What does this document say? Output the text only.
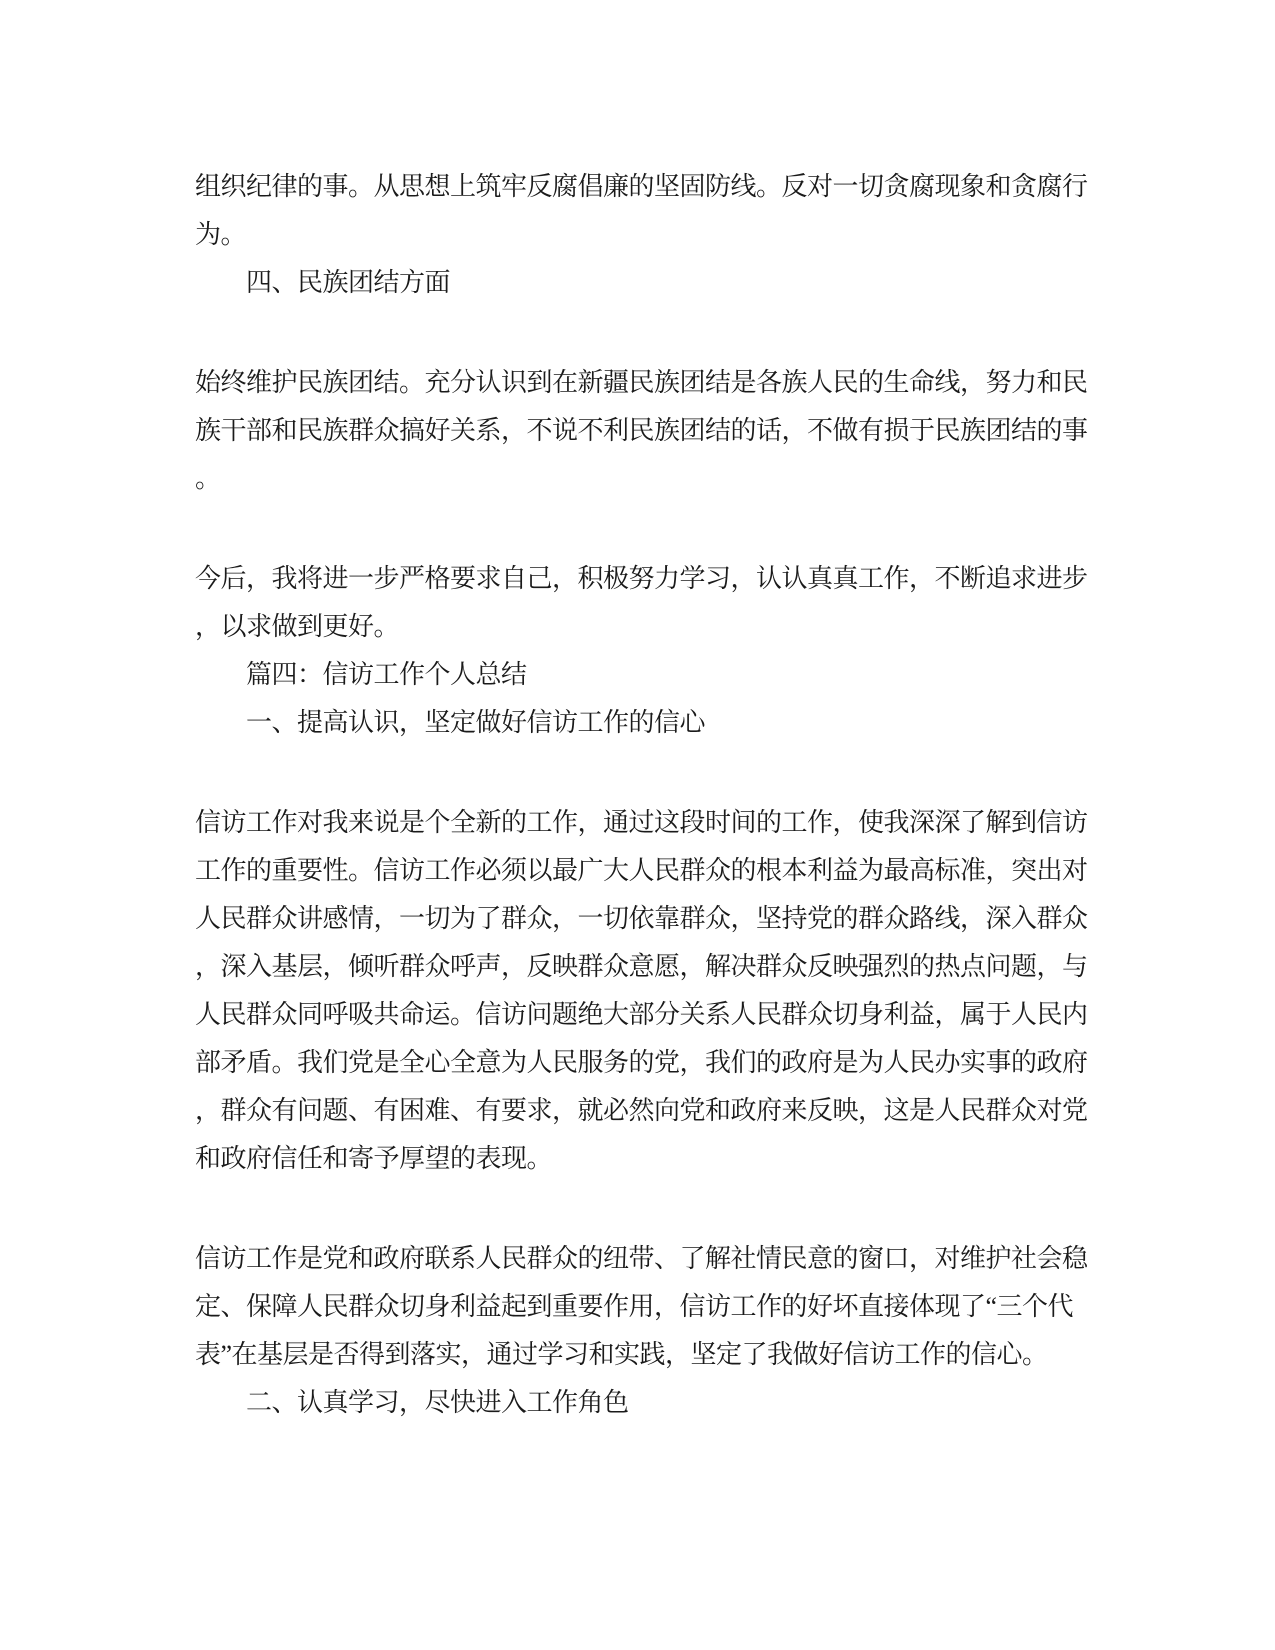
组织纪律的事。从思想上筑牢反腐倡廉的坚固防线。反对一切贪腐现象和贪腐行
为。
四、民族团结方面
始终维护民族团结。充分认识到在新疆民族团结是各族人民的生命线，努力和民
族干部和民族群众搞好关系，不说不利民族团结的话，不做有损于民族团结的事
。
今后，我将进一步严格要求自己，积极努力学习，认认真真工作，不断追求进步
，以求做到更好。
篇四：信访工作个人总结
一、提高认识，坚定做好信访工作的信心
信访工作对我来说是个全新的工作，通过这段时间的工作，使我深深了解到信访
工作的重要性。信访工作必须以最广大人民群众的根本利益为最高标准，突出对
人民群众讲感情，一切为了群众，一切依靠群众，坚持党的群众路线，深入群众
，深入基层，倾听群众呼声，反映群众意愿，解决群众反映强烈的热点问题，与
人民群众同呼吸共命运。信访问题绝大部分关系人民群众切身利益，属于人民内
部矛盾。我们党是全心全意为人民服务的党，我们的政府是为人民办实事的政府
，群众有问题、有困难、有要求，就必然向党和政府来反映，这是人民群众对党
和政府信任和寄予厚望的表现。
信访工作是党和政府联系人民群众的纽带、了解社情民意的窗口，对维护社会稳
定、保障人民群众切身利益起到重要作用，信访工作的好坏直接体现了“三个代
表”在基层是否得到落实，通过学习和实践，坚定了我做好信访工作的信心。
二、认真学习，尽快进入工作角色
